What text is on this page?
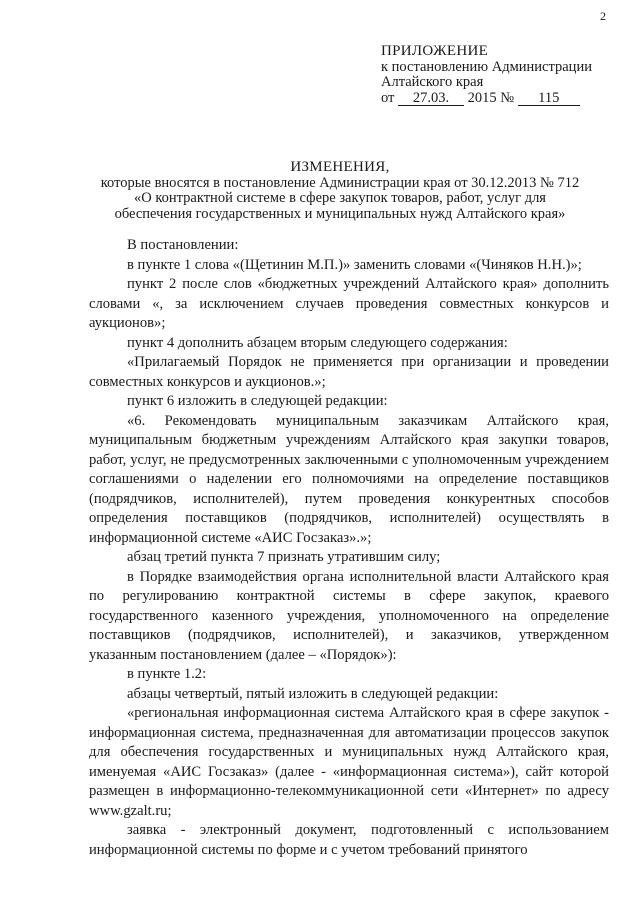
2
ПРИЛОЖЕНИЕ
к постановлению Администрации
Алтайского края
от 27.03. 2015 № 115
ИЗМЕНЕНИЯ,
которые вносятся в постановление Администрации края от 30.12.2013 № 712
«О контрактной системе в сфере закупок товаров, работ, услуг для
обеспечения государственных и муниципальных нужд Алтайского края»

В постановлении:

в пункте 1 слова «(Щетинин М.П.)» заменить словами «(Чиняков Н.Н.)»;

пункт 2 после слов «бюджетных учреждений Алтайского края» дополнить словами «, за исключением случаев проведения совместных конкурсов и аукционов»;

пункт 4 дополнить абзацем вторым следующего содержания:

«Прилагаемый Порядок не применяется при организации и проведении совместных конкурсов и аукционов.»;

пункт 6 изложить в следующей редакции:

«6. Рекомендовать муниципальным заказчикам Алтайского края, муниципальным бюджетным учреждениям Алтайского края закупки товаров, работ, услуг, не предусмотренных заключенными с уполномоченным учреждением соглашениями о наделении его полномочиями на определение поставщиков (подрядчиков, исполнителей), путем проведения конкурентных способов определения поставщиков (подрядчиков, исполнителей) осуществлять в информационной системе «АИС Госзаказ».»;

абзац третий пункта 7 признать утратившим силу;

в Порядке взаимодействия органа исполнительной власти Алтайского края по регулированию контрактной системы в сфере закупок, краевого государственного казенного учреждения, уполномоченного на определение поставщиков (подрядчиков, исполнителей), и заказчиков, утвержденном указанным постановлением (далее – «Порядок»):

в пункте 1.2:

абзацы четвертый, пятый изложить в следующей редакции:

«региональная информационная система Алтайского края в сфере закупок - информационная система, предназначенная для автоматизации процессов закупок для обеспечения государственных и муниципальных нужд Алтайского края, именуемая «АИС Госзаказ» (далее - «информационная система»), сайт которой размещен в информационно-телекоммуникационной сети «Интернет» по адресу www.gzalt.ru;

заявка - электронный документ, подготовленный с использованием информационной системы по форме и с учетом требований принятого
